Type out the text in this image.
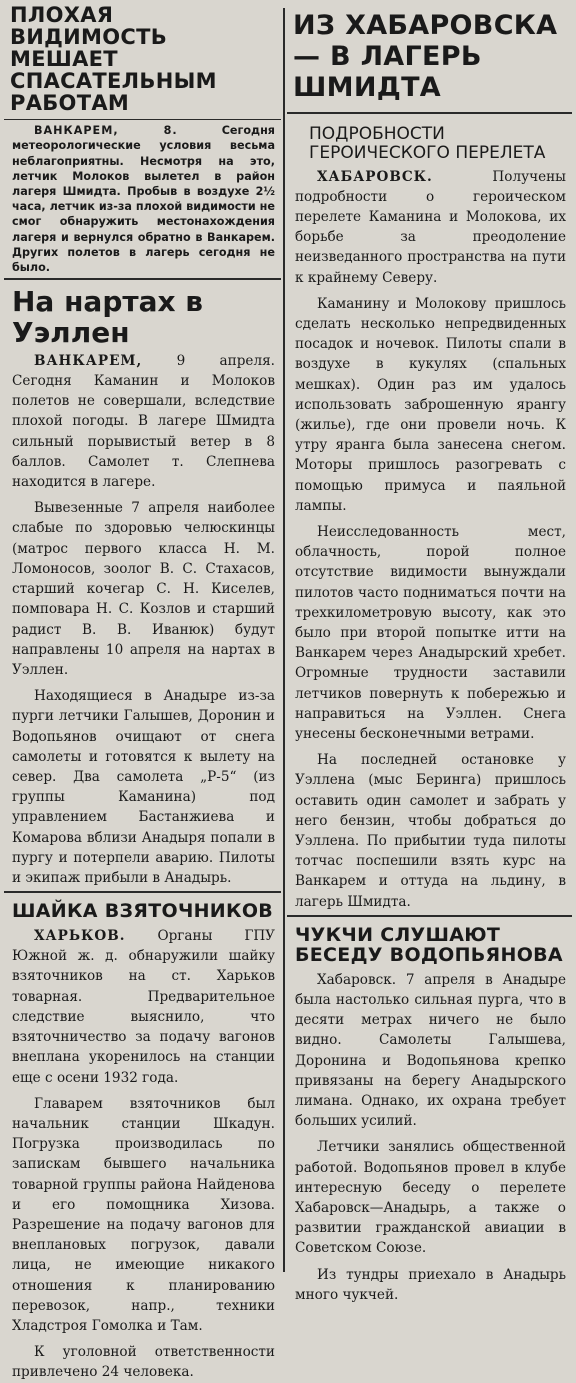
ПЛОХАЯ ВИДИМОСТЬ МЕШАЕТ СПАСАТЕЛЬНЫМ РАБОТАМ

ВАНКАРЕМ, 8.	Сегодня метеорологические условия весьма неблагоприятны. Несмотря на это, летчик Молоков вылетел в район лагеря Шмидта. Пробыв в воздухе 2½ часа, летчик из-за плохой видимости не смог обнаружить местонахождения лагеря и вернулся обратно в Ванкарем. Других полетов в лагерь сегодня не было.

На нартах в Уэллен

ВАНКАРЕМ,	9 апреля. Сегодня Каманин и Молоков полетов не совершали, вследствие плохой погоды. В лагере Шмидта сильный порывистый ветер в 8 баллов. Самолет т. Слепнева находится в лагере.

Вывезенные 7 апреля наиболее слабые по здоровью челюскинцы (матрос первого класса Н. М. Ломоносов, зоолог В. С. Стахасов, старший кочегар С. Н. Киселев, помповара Н. С. Козлов и старший радист В. В. Иванюк) будут направлены 10 апреля на нартах в Уэллен.

Находящиеся в Анадыре из-за пурги летчики Галышев, Доронин и Водопьянов очищают от снега самолеты и готовятся к вылету на север. Два самолета „Р-5“ (из группы Каманина) под управлением Бастанжиева и Комарова вблизи Анадыря попали в пургу и потерпели аварию. Пилоты и экипаж прибыли в Анадырь.

ШАЙКА ВЗЯТОЧНИКОВ

ХАРЬКОВ. Органы ГПУ Южной ж. д. обнаружили шайку взяточников на ст. Харьков товарная. Предварительное следствие выяснило, что взяточничество за подачу вагонов внеплана укоренилось на станции еще с осени 1932 года.

Главарем взяточников был начальник станции Шкадун. Погрузка производилась по запискам бывшего начальника товарной группы района Найденова и его помощника Хизова. Разрешение на подачу вагонов для внеплановых погрузок, давали лица, не имеющие никакого отношения к планированию перевозок, напр., техники Хладстроя Гомолка и Там.

К уголовной ответственности привлечено 24 человека.

ИЗ ХАБАРОВСКА— В ЛАГЕРЬ ШМИДТА
ПОДРОБНОСТИ ГЕРОИЧЕСКОГО ПЕРЕЛЕТА

ХАБАРОВСК.	Получены подробности о героическом перелете Каманина и Молокова, их борьбе за преодоление неизведанного пространства на пути к крайнему Северу.

Каманину и Молокову пришлось сделать несколько непредвиденных посадок и ночевок. Пилоты спали в воздухе в кукулях (спальных мешках). Один раз им удалось использовать заброшенную ярангу (жилье), где они провели ночь. К утру яранга была занесена снегом. Моторы пришлось разогревать с помощью примуса и паяльной лампы.

Неисследованность мест, облачность, порой полное отсутствие видимости вынуждали пилотов часто подниматься почти на трехкилометровую высоту, как это было при второй попытке итти на Ванкарем через Анадырский хребет. Огромные трудности заставили летчиков повернуть к побережью и направиться на Уэллен. Снега унесены бесконечными ветрами.

На последней остановке у Уэллена (мыс Беринга) пришлось оставить один самолет и забрать у него бензин, чтобы добраться до Уэллена. По прибытии туда пилоты тотчас поспешили взять курс на Ванкарем и оттуда на льдину, в лагерь Шмидта.

ЧУКЧИ СЛУШАЮТ БЕСЕДУ ВОДОПЬЯНОВА

Хабаровск. 7 апреля в Анадыре была настолько сильная пурга, что в десяти метрах ничего не было видно. Самолеты Галышева, Доронина и Водопьянова крепко привязаны на берегу Анадырского лимана. Однако, их охрана требует больших усилий.

Летчики занялись общественной работой. Водопьянов провел в клубе интересную беседу о перелете Хабаровск—Анадырь, а также о развитии гражданской авиации в Советском Союзе.

Из тундры приехало в Анадырь много чукчей.
